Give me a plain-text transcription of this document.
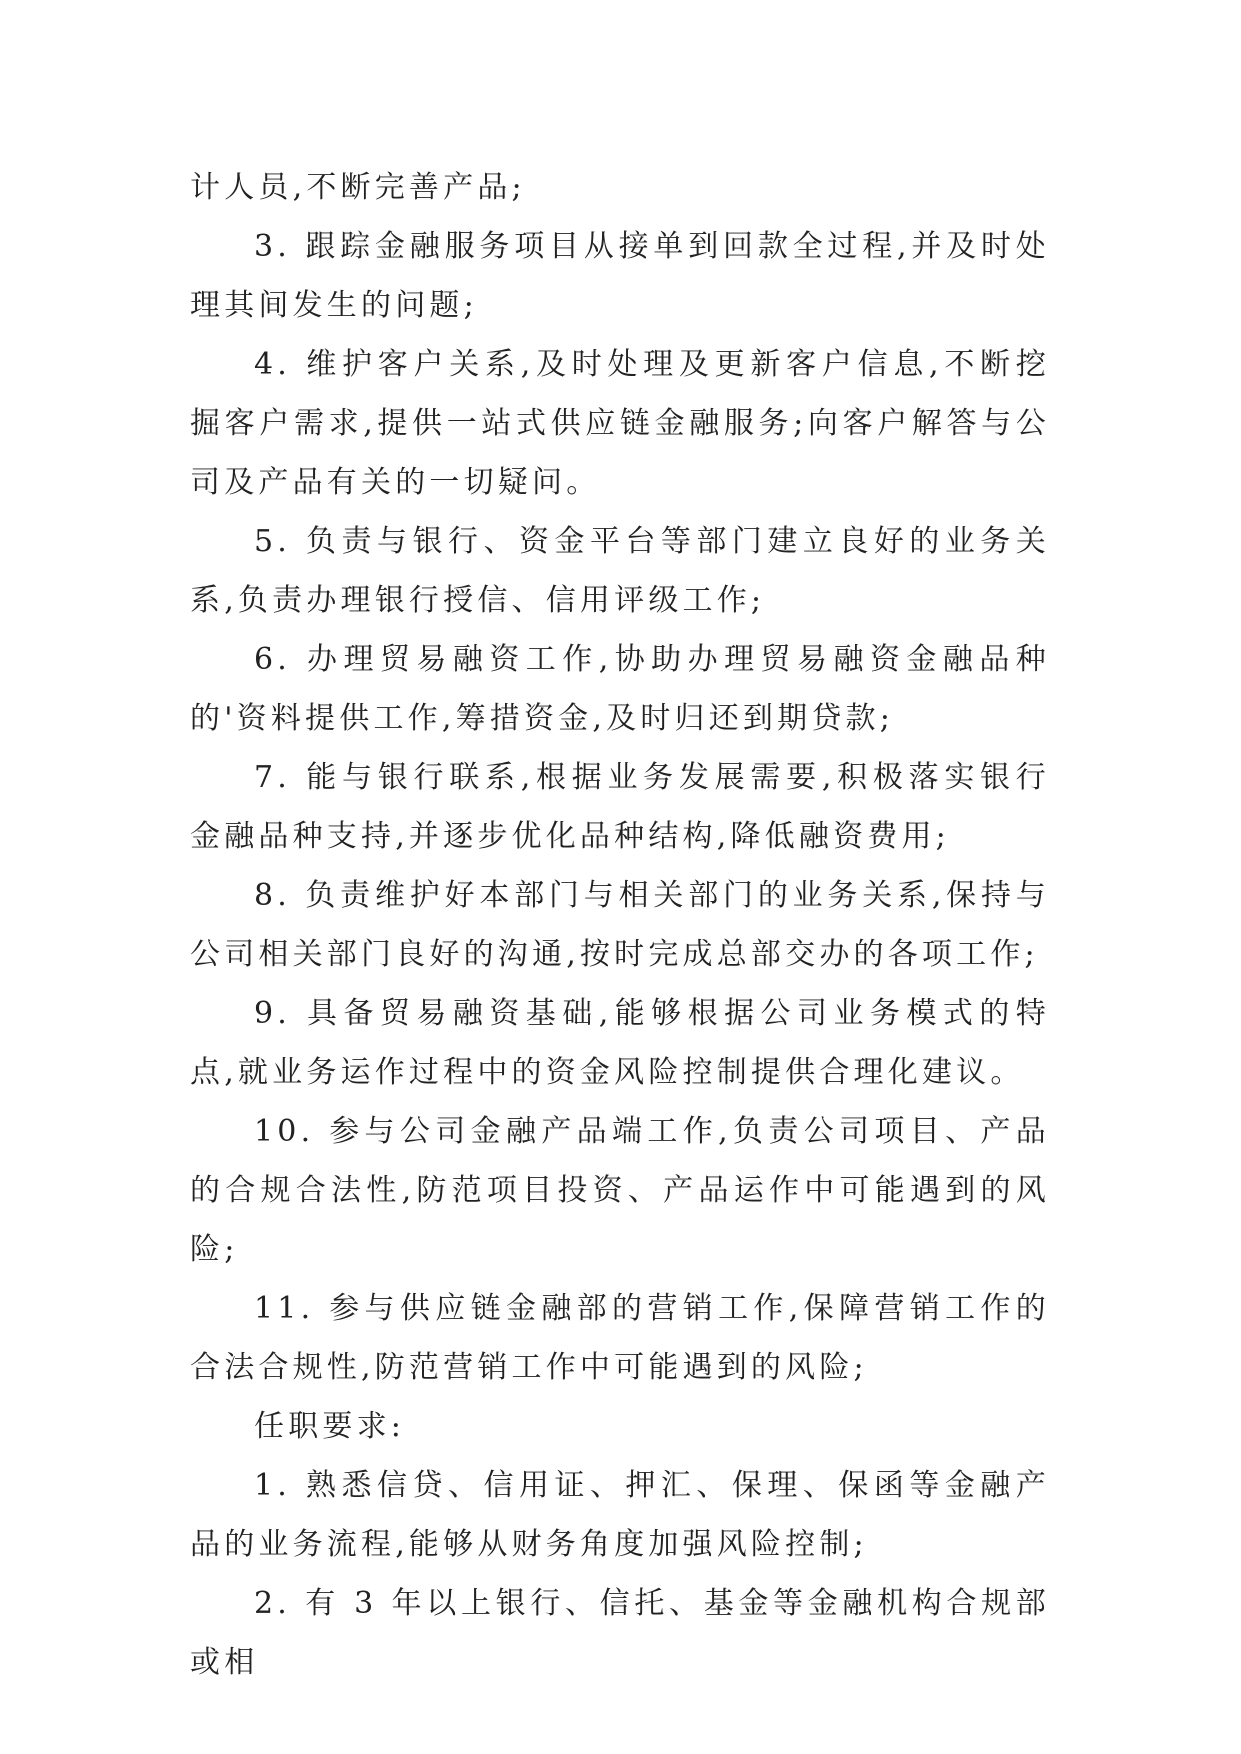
计人员,不断完善产品;

3. 跟踪金融服务项目从接单到回款全过程,并及时处理其间发生的问题;

4. 维护客户关系,及时处理及更新客户信息,不断挖掘客户需求,提供一站式供应链金融服务;向客户解答与公司及产品有关的一切疑问。

5. 负责与银行、资金平台等部门建立良好的业务关系,负责办理银行授信、信用评级工作;

6. 办理贸易融资工作,协助办理贸易融资金融品种的'资料提供工作,筹措资金,及时归还到期贷款;

7. 能与银行联系,根据业务发展需要,积极落实银行金融品种支持,并逐步优化品种结构,降低融资费用;

8. 负责维护好本部门与相关部门的业务关系,保持与公司相关部门良好的沟通,按时完成总部交办的各项工作;

9. 具备贸易融资基础,能够根据公司业务模式的特点,就业务运作过程中的资金风险控制提供合理化建议。

10. 参与公司金融产品端工作,负责公司项目、产品的合规合法性,防范项目投资、产品运作中可能遇到的风险;

11. 参与供应链金融部的营销工作,保障营销工作的合法合规性,防范营销工作中可能遇到的风险;

任职要求:

1. 熟悉信贷、信用证、押汇、保理、保函等金融产品的业务流程,能够从财务角度加强风险控制;

2. 有 3 年以上银行、信托、基金等金融机构合规部或相
